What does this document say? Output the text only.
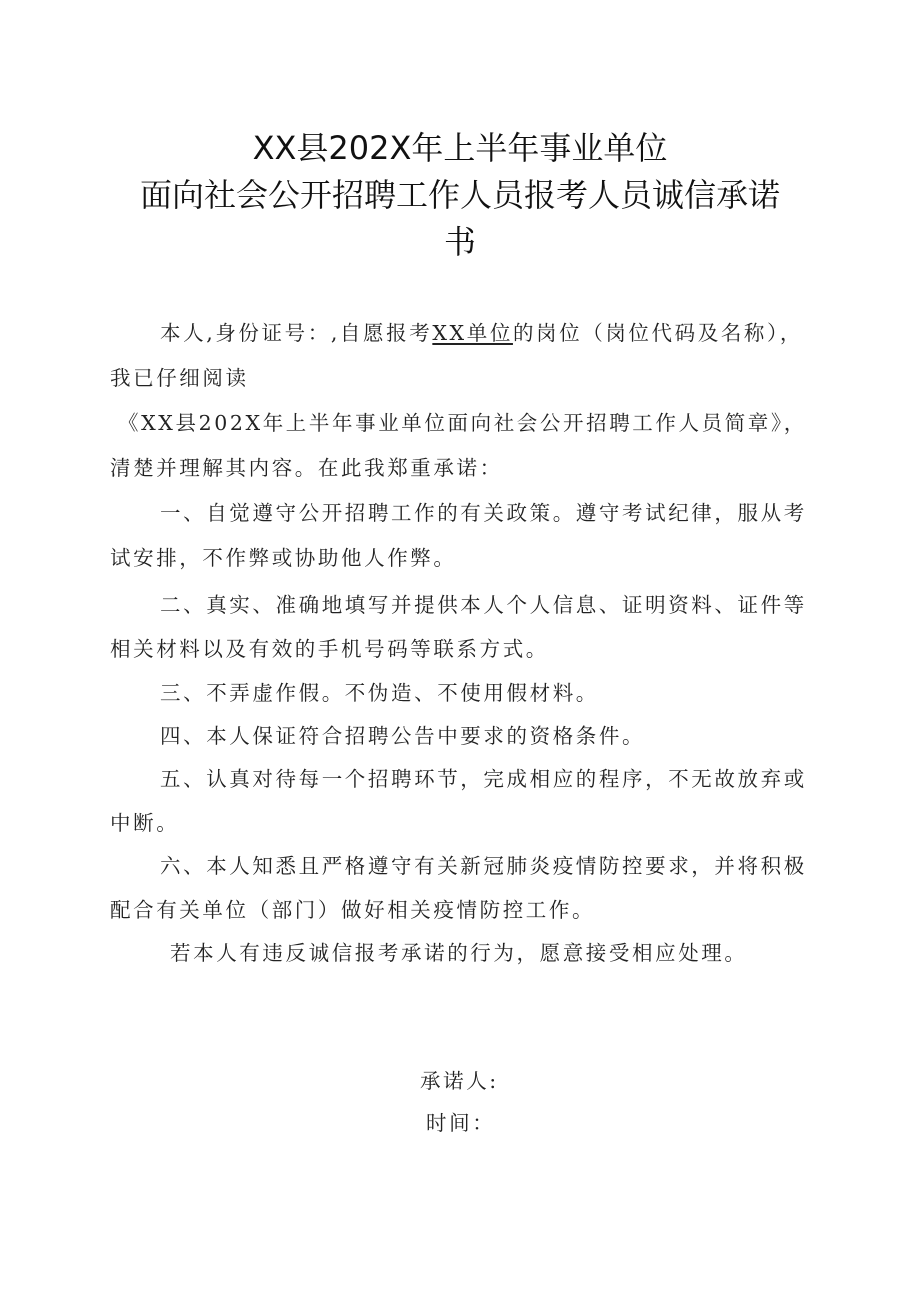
XX县202X年上半年事业单位
面向社会公开招聘工作人员报考人员诚信承诺
书
本人,身份证号：,自愿报考XX单位的岗位（岗位代码及名称），
我已仔细阅读
《XX县202X年上半年事业单位面向社会公开招聘工作人员简章》，
清楚并理解其内容。在此我郑重承诺：
一、自觉遵守公开招聘工作的有关政策。遵守考试纪律，服从考
试安排，不作弊或协助他人作弊。
二、真实、准确地填写并提供本人个人信息、证明资料、证件等
相关材料以及有效的手机号码等联系方式。
三、不弄虚作假。不伪造、不使用假材料。
四、本人保证符合招聘公告中要求的资格条件。
五、认真对待每一个招聘环节，完成相应的程序，不无故放弃或
中断。
六、本人知悉且严格遵守有关新冠肺炎疫情防控要求，并将积极
配合有关单位（部门）做好相关疫情防控工作。
若本人有违反诚信报考承诺的行为，愿意接受相应处理。
承诺人:
时间：
